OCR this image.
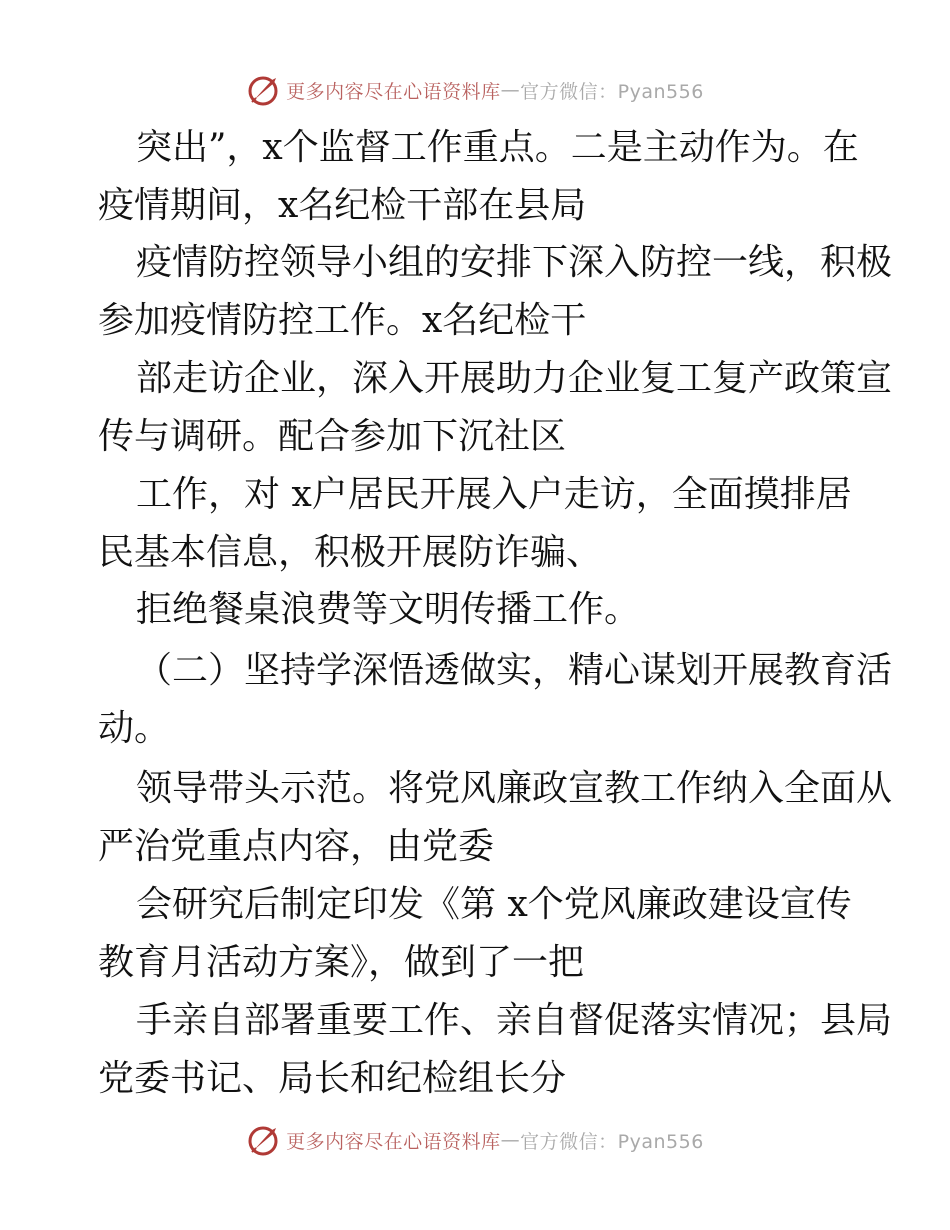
更多内容尽在心语资料库 — 官方微信：Pyan556
突出”，x个监督工作重点。二是主动作为。在
疫情期间，x名纪检干部在县局
疫情防控领导小组的安排下深入防控一线，积极
参加疫情防控工作。x名纪检干
部走访企业，深入开展助力企业复工复产政策宣
传与调研。配合参加下沉社区
工作，对 x户居民开展入户走访，全面摸排居
民基本信息，积极开展防诈骗、
拒绝餐桌浪费等文明传播工作。
（二）坚持学深悟透做实，精心谋划开展教育活
动。
领导带头示范。将党风廉政宣教工作纳入全面从
严治党重点内容，由党委
会研究后制定印发《第 x个党风廉政建设宣传
教育月活动方案》，做到了一把
手亲自部署重要工作、亲自督促落实情况；县局
党委书记、局长和纪检组长分
更多内容尽在心语资料库 — 官方微信：Pyan556
